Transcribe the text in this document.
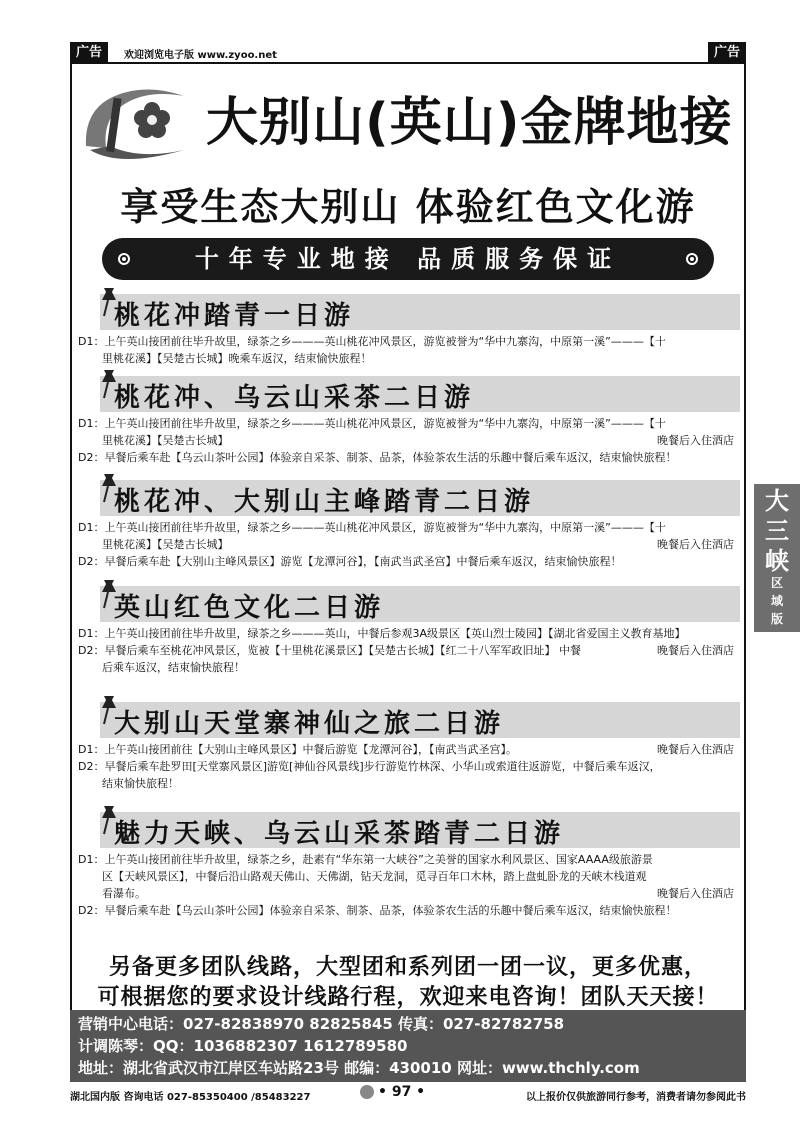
广告	欢迎浏览电子版 www.zyoo.net	广告
大别山(英山)金牌地接
享受生态大别山 体验红色文化游
十年专业地接 品质服务保证
大
三
峡
区
域
版
桃花冲踏青一日游
D1：上午英山接团前往毕升故里，绿茶之乡———英山桃花冲风景区，游览被誉为“华中九寨沟，中原第一溪”———【十
里桃花溪】【吴楚古长城】晚乘车返汉，结束愉快旅程！
桃花冲、乌云山采茶二日游
D1：上午英山接团前往毕升故里，绿茶之乡———英山桃花冲风景区，游览被誉为“华中九寨沟，中原第一溪”———【十
里桃花溪】【吴楚古长城】	晚餐后入住酒店
D2：早餐后乘车赴【乌云山茶叶公园】体验亲自采茶、制茶、品茶，体验茶农生活的乐趣中餐后乘车返汉，结束愉快旅程！
桃花冲、大别山主峰踏青二日游
D1：上午英山接团前往毕升故里，绿茶之乡———英山桃花冲风景区，游览被誉为“华中九寨沟，中原第一溪”———【十
里桃花溪】【吴楚古长城】	晚餐后入住酒店
D2：早餐后乘车赴【大别山主峰风景区】游览【龙潭河谷】，【南武当武圣宫】中餐后乘车返汉，结束愉快旅程！
英山红色文化二日游
D1：上午英山接团前往毕升故里，绿茶之乡———英山，中餐后参观3A级景区【英山烈士陵园】【湖北省爱国主义教育基地】
晚餐后入住酒店
D2：早餐后乘车至桃花冲风景区，览被【十里桃花溪景区】【吴楚古长城】【红二十八军军政旧址】 中餐
后乘车返汉，结束愉快旅程！
大别山天堂寨神仙之旅二日游
D1：上午英山接团前往【大别山主峰风景区】中餐后游览【龙潭河谷】，【南武当武圣宫】。	晚餐后入住酒店
D2：早餐后乘车赴罗田[天堂寨风景区]游览[神仙谷风景线]步行游览竹林深、小华山或索道往返游览，中餐后乘车返汉，
结束愉快旅程！
魅力天峡、乌云山采茶踏青二日游
D1：上午英山接团前往毕升故里，绿茶之乡，赴素有“华东第一大峡谷”之美誉的国家水利风景区、国家AAAA级旅游景
区【天峡风景区】，中餐后沿山路观天佛山、天佛湖，钻天龙洞，觅寻百年口木林，踏上盘虬卧龙的天峡木栈道观
看瀑布。	晚餐后入住酒店
D2：早餐后乘车赴【乌云山茶叶公园】体验亲自采茶、制茶、品茶，体验茶农生活的乐趣中餐后乘车返汉，结束愉快旅程！
另备更多团队线路，大型团和系列团一团一议，更多优惠，
可根据您的要求设计线路行程，欢迎来电咨询！团队天天接！
营销中心电话：027-82838970 82825845 传真：027-82782758
计调陈琴：QQ：1036882307 1612789580
地址：湖北省武汉市江岸区车站路23号 邮编：430010 网址：www.thchly.com
湖北国内版 咨询电话 027-85350400 /85483227	• 97 •	以上报价仅供旅游同行参考，消费者请勿参阅此书
